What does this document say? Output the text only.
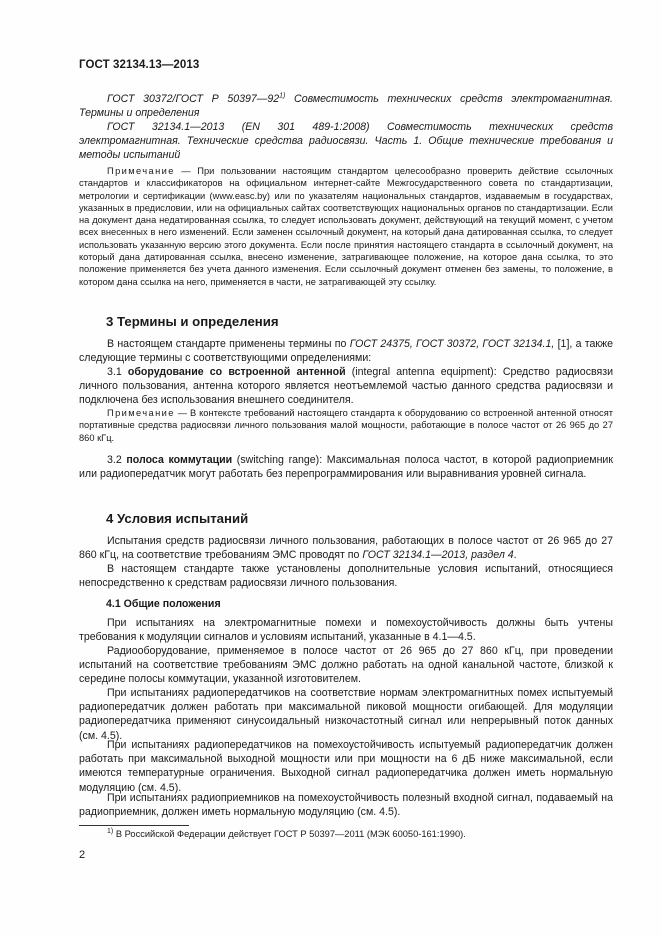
ГОСТ 32134.13—2013

ГОСТ 30372/ГОСТ Р 50397—92$^{1)}$ Совместимость технических средств электромагнитная. Термины и определения

ГОСТ 32134.1—2013 (EN 301 489-1:2008) Совместимость технических средств электромагнитная. Технические средства радиосвязи. Часть 1. Общие технические требования и методы испытаний

Примечание — При пользовании настоящим стандартом целесообразно проверить действие ссылочных стандартов и классификаторов на официальном интернет-сайте Межгосударственного совета по стандартизации, метрологии и сертификации (www.easc.by) или по указателям национальных стандартов, издаваемым в государствах, указанных в предисловии, или на официальных сайтах соответствующих национальных органов по стандартизации. Если на документ дана недатированная ссылка, то следует использовать документ, действующий на текущий момент, с учетом всех внесенных в него изменений. Если заменен ссылочный документ, на который дана датированная ссылка, то следует использовать указанную версию этого документа. Если после принятия настоящего стандарта в ссылочный документ, на который дана датированная ссылка, внесено изменение, затрагивающее положение, на которое дана ссылка, то это положение применяется без учета данного изменения. Если ссылочный документ отменен без замены, то положение, в котором дана ссылка на него, применяется в части, не затрагивающей эту ссылку.

3 Термины и определения

В настоящем стандарте применены термины по ГОСТ 24375, ГОСТ 30372, ГОСТ 32134.1, [1], а также следующие термины с соответствующими определениями:

3.1 оборудование со встроенной антенной (integral antenna equipment): Средство радиосвязи личного пользования, антенна которого является неотъемлемой частью данного средства радиосвязи и подключена без использования внешнего соединителя.

Примечание — В контексте требований настоящего стандарта к оборудованию со встроенной антенной относят портативные средства радиосвязи личного пользования малой мощности, работающие в полосе частот от 26 965 до 27 860 кГц.

3.2 полоса коммутации (switching range): Максимальная полоса частот, в которой радиоприемник или радиопередатчик могут работать без перепрограммирования или выравнивания уровней сигнала.

4 Условия испытаний

Испытания средств радиосвязи личного пользования, работающих в полосе частот от 26 965 до 27 860 кГц, на соответствие требованиям ЭМС проводят по ГОСТ 32134.1—2013, раздел 4.

В настоящем стандарте также установлены дополнительные условия испытаний, относящиеся непосредственно к средствам радиосвязи личного пользования.

4.1 Общие положения

При испытаниях на электромагнитные помехи и помехоустойчивость должны быть учтены требования к модуляции сигналов и условиям испытаний, указанные в 4.1—4.5.

Радиооборудование, применяемое в полосе частот от 26 965 до 27 860 кГц, при проведении испытаний на соответствие требованиям ЭМС должно работать на одной канальной частоте, близкой к середине полосы коммутации, указанной изготовителем.

При испытаниях радиопередатчиков на соответствие нормам электромагнитных помех испытуемый радиопередатчик должен работать при максимальной пиковой мощности огибающей. Для модуляции радиопередатчика применяют синусоидальный низкочастотный сигнал или непрерывный поток данных (см. 4.5).

При испытаниях радиопередатчиков на помехоустойчивость испытуемый радиопередатчик должен работать при максимальной выходной мощности или при мощности на 6 дБ ниже максимальной, если имеются температурные ограничения. Выходной сигнал радиопередатчика должен иметь нормальную модуляцию (см. 4.5).

При испытаниях радиоприемников на помехоустойчивость полезный входной сигнал, подаваемый на радиоприемник, должен иметь нормальную модуляцию (см. 4.5).

$^{1)}$ В Российской Федерации действует ГОСТ Р 50397—2011 (МЭК 60050-161:1990).
2
